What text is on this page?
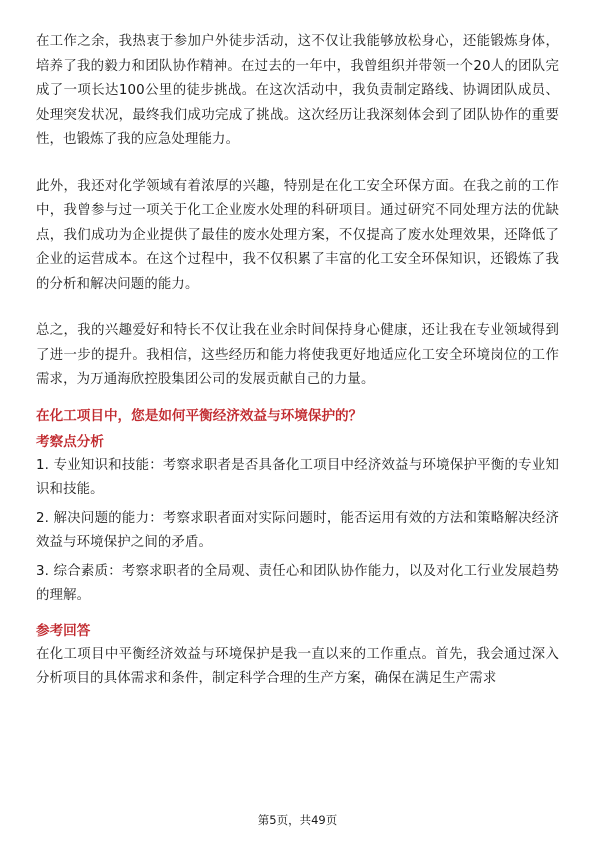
在工作之余，我热衷于参加户外徒步活动，这不仅让我能够放松身心，还能锻炼身体，培养了我的毅力和团队协作精神。在过去的一年中，我曾组织并带领一个20人的团队完成了一项长达100公里的徒步挑战。在这次活动中，我负责制定路线、协调团队成员、处理突发状况，最终我们成功完成了挑战。这次经历让我深刻体会到了团队协作的重要性，也锻炼了我的应急处理能力。

此外，我还对化学领域有着浓厚的兴趣，特别是在化工安全环保方面。在我之前的工作中，我曾参与过一项关于化工企业废水处理的科研项目。通过研究不同处理方法的优缺点，我们成功为企业提供了最佳的废水处理方案，不仅提高了废水处理效果，还降低了企业的运营成本。在这个过程中，我不仅积累了丰富的化工安全环保知识，还锻炼了我的分析和解决问题的能力。

总之，我的兴趣爱好和特长不仅让我在业余时间保持身心健康，还让我在专业领域得到了进一步的提升。我相信，这些经历和能力将使我更好地适应化工安全环境岗位的工作需求，为万通海欣控股集团公司的发展贡献自己的力量。

在化工项目中，您是如何平衡经济效益与环境保护的？

考察点分析

1. 专业知识和技能：考察求职者是否具备化工项目中经济效益与环境保护平衡的专业知识和技能。

2. 解决问题的能力：考察求职者面对实际问题时，能否运用有效的方法和策略解决经济效益与环境保护之间的矛盾。

3. 综合素质：考察求职者的全局观、责任心和团队协作能力，以及对化工行业发展趋势的理解。

参考回答

在化工项目中平衡经济效益与环境保护是我一直以来的工作重点。首先，我会通过深入分析项目的具体需求和条件，制定科学合理的生产方案，确保在满足生产需求

第5页，共49页
